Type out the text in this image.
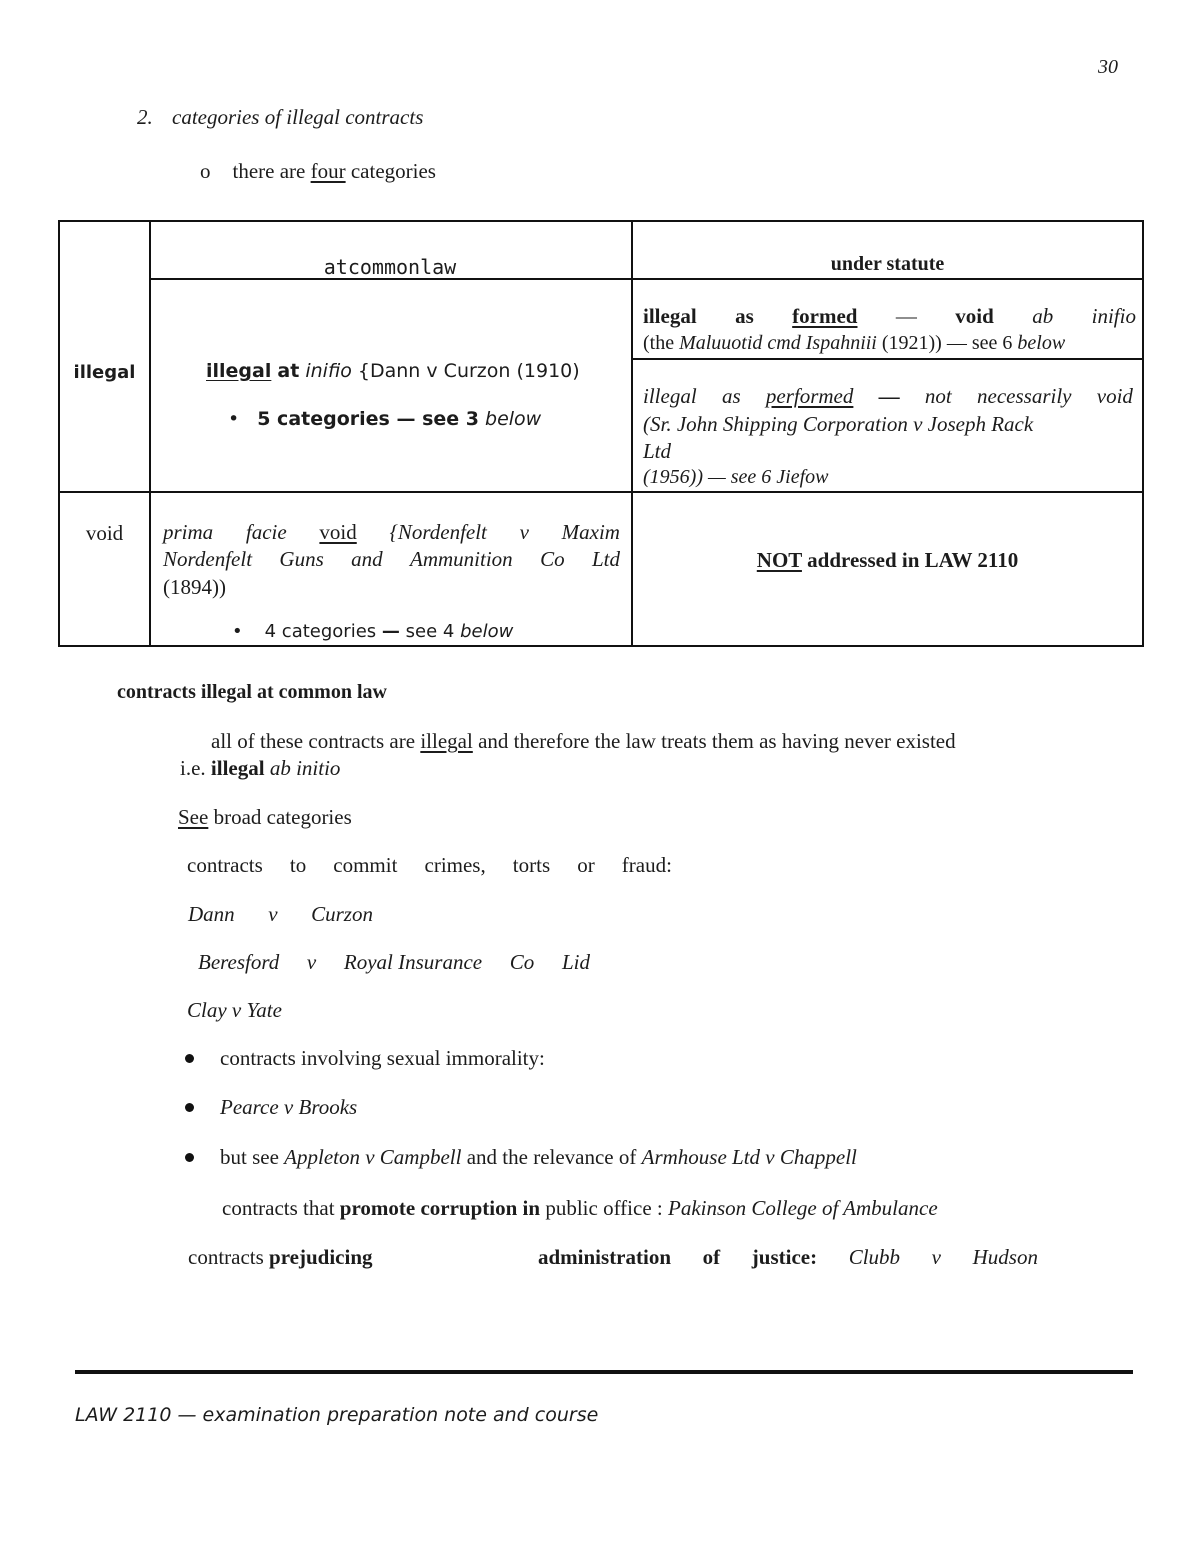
30
2. categories of illegal contracts
o there are four categories
atcommonlaw	under statute
illegal
void
illegal at inifio {Dann v Curzon (1910)
• 5 categories — see 3 below
illegal as formed — void ab inifio
(the Maluuotid cmd Ispahniii (1921)) — see 6 below
illegal as performed — not necessarily void
(Sr. John Shipping Corporation v Joseph Rack
Ltd
(1956)) — see 6 Jiefow
prima facie void {Nordenfelt v Maxim
Nordenfelt Guns and Ammunition Co Ltd
(1894))
• 4 categories — see 4 below
NOT addressed in LAW 2110
contracts illegal at common law
all of these contracts are illegal and therefore the law treats them as having never existed
i.e. illegal ab initio
See broad categories
contracts to commit crimes, torts or fraud:
Dann v Curzon
Beresford v Royal Insurance Co Lid
Clay v Yate
contracts involving sexual immorality:
Pearce v Brooks
but see Appleton v Campbell and the relevance of Armhouse Ltd v Chappell
contracts that promote corruption in public office : Pakinson College of Ambulance
contracts prejudicing	administration of justice: Clubb v Hudson
LAW 2110 — examination preparation note and course
